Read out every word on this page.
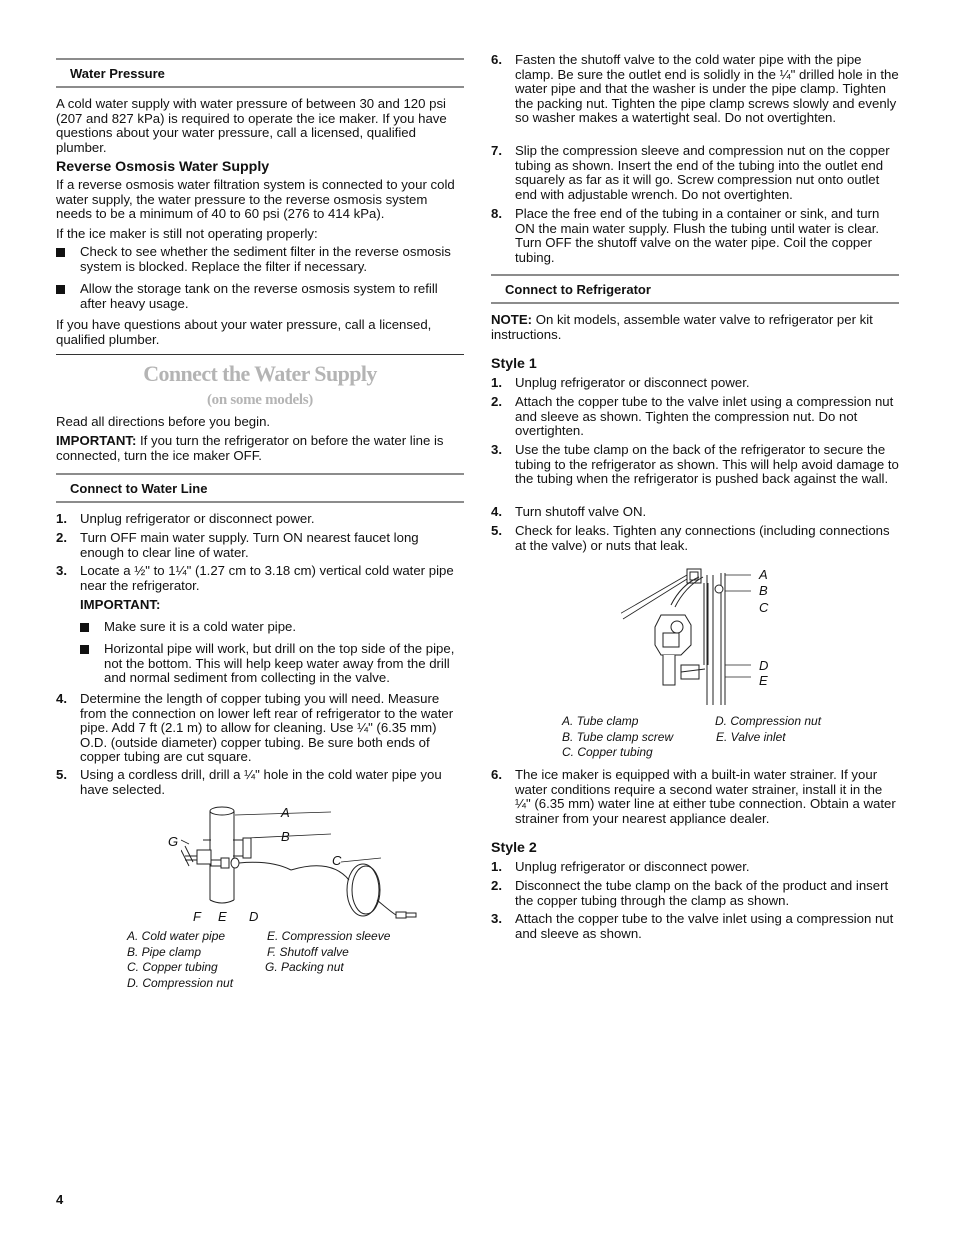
Water Pressure

A cold water supply with water pressure of between 30 and 120 psi (207 and 827 kPa) is required to operate the ice maker. If you have questions about your water pressure, call a licensed, qualified plumber.

Reverse Osmosis Water Supply

If a reverse osmosis water filtration system is connected to your cold water supply, the water pressure to the reverse osmosis system needs to be a minimum of 40 to 60 psi (276 to 414 kPa).

If the ice maker is still not operating properly:

Check to see whether the sediment filter in the reverse osmosis system is blocked. Replace the filter if necessary.
Allow the storage tank on the reverse osmosis system to refill after heavy usage.

If you have questions about your water pressure, call a licensed, qualified plumber.

Connect the Water Supply
(on some models)

Read all directions before you begin.

IMPORTANT: If you turn the refrigerator on before the water line is connected, turn the ice maker OFF.

Connect to Water Line
1. Unplug refrigerator or disconnect power.
2. Turn OFF main water supply. Turn ON nearest faucet long enough to clear line of water.
3. Locate a ½" to 1¼" (1.27 cm to 3.18 cm) vertical cold water pipe near the refrigerator.

IMPORTANT:

Make sure it is a cold water pipe.
Horizontal pipe will work, but drill on the top side of the pipe, not the bottom. This will help keep water away from the drill and normal sediment from collecting in the valve.
4. Determine the length of copper tubing you will need. Measure from the connection on lower left rear of refrigerator to the water pipe. Add 7 ft (2.1 m) to allow for cleaning. Use ¼" (6.35 mm) O.D. (outside diameter) copper tubing. Be sure both ends of copper tubing are cut square.
5. Using a cordless drill, drill a ¼" hole in the cold water pipe you have selected.
A
B
C
G
F E D
A. Cold water pipe
B. Pipe clamp
C. Copper tubing
D. Compression nut
E. Compression sleeve
F. Shutoff valve
G. Packing nut
6. Fasten the shutoff valve to the cold water pipe with the pipe clamp. Be sure the outlet end is solidly in the ¼" drilled hole in the water pipe and that the washer is under the pipe clamp. Tighten the packing nut. Tighten the pipe clamp screws slowly and evenly so washer makes a watertight seal. Do not overtighten.
7. Slip the compression sleeve and compression nut on the copper tubing as shown. Insert the end of the tubing into the outlet end squarely as far as it will go. Screw compression nut onto outlet end with adjustable wrench. Do not overtighten.
8. Place the free end of the tubing in a container or sink, and turn ON the main water supply. Flush the tubing until water is clear. Turn OFF the shutoff valve on the water pipe. Coil the copper tubing.
Connect to Refrigerator

NOTE: On kit models, assemble water valve to refrigerator per kit instructions.

Style 1

1. Unplug refrigerator or disconnect power.
2. Attach the copper tube to the valve inlet using a compression nut and sleeve as shown. Tighten the compression nut. Do not overtighten.
3. Use the tube clamp on the back of the refrigerator to secure the tubing to the refrigerator as shown. This will help avoid damage to the tubing when the refrigerator is pushed back against the wall.
4. Turn shutoff valve ON.
5. Check for leaks. Tighten any connections (including connections at the valve) or nuts that leak.
A
B
C
D
E
A. Tube clamp
B. Tube clamp screw
C. Copper tubing
D. Compression nut
E. Valve inlet
6. The ice maker is equipped with a built-in water strainer. If your water conditions require a second water strainer, install it in the ¼" (6.35 mm) water line at either tube connection. Obtain a water strainer from your nearest appliance dealer.

Style 2

1. Unplug refrigerator or disconnect power.
2. Disconnect the tube clamp on the back of the product and insert the copper tubing through the clamp as shown.
3. Attach the copper tube to the valve inlet using a compression nut and sleeve as shown.
4
